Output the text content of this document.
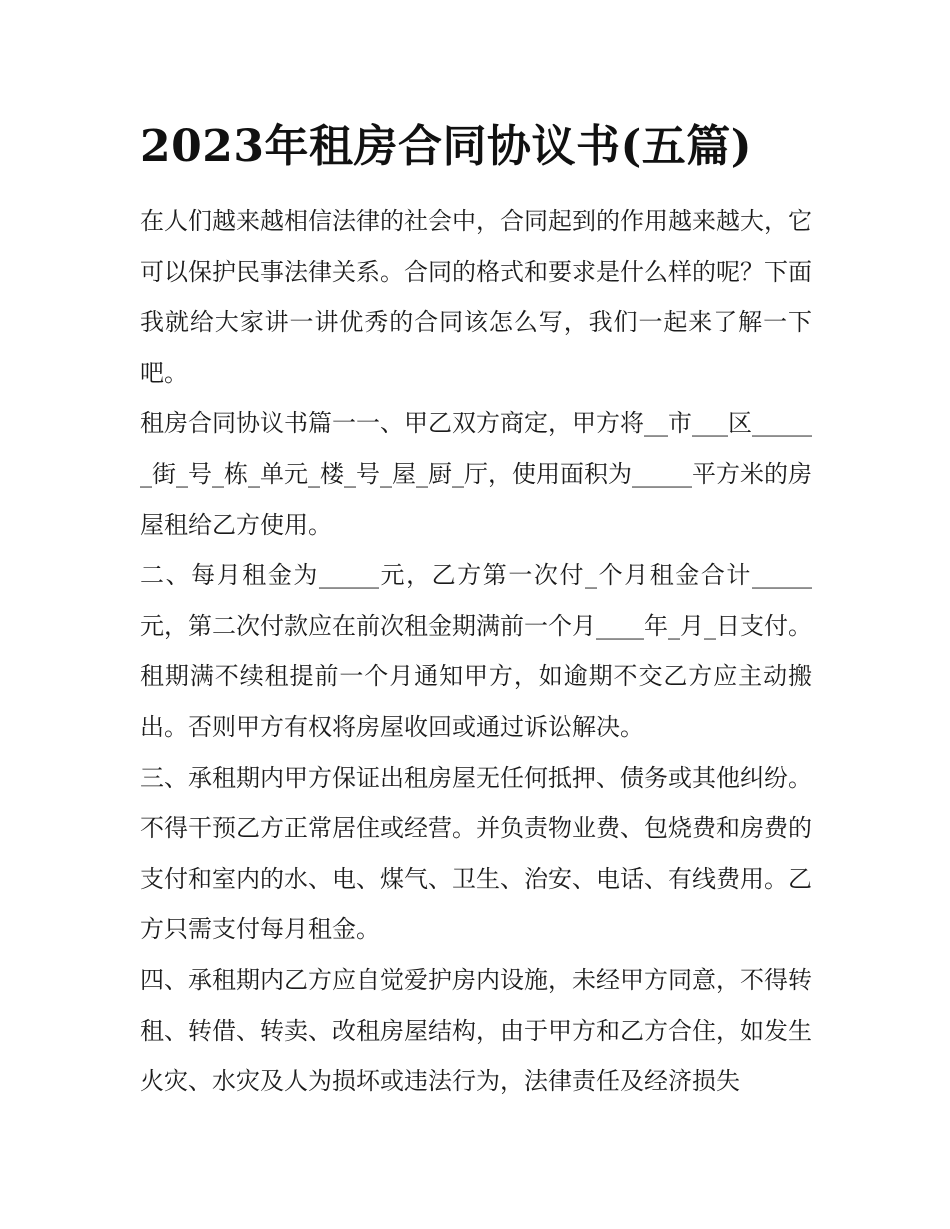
2023年租房合同协议书(五篇)

在人们越来越相信法律的社会中，合同起到的作用越来越大，它可以保护民事法律关系。合同的格式和要求是什么样的呢？下面我就给大家讲一讲优秀的合同该怎么写，我们一起来了解一下吧。

租房合同协议书篇一一、甲乙双方商定，甲方将__市___区______街_号_栋_单元_楼_号_屋_厨_厅，使用面积为_____平方米的房屋租给乙方使用。

二、每月租金为_____元，乙方第一次付_个月租金合计_____元，第二次付款应在前次租金期满前一个月____年_月_日支付。租期满不续租提前一个月通知甲方，如逾期不交乙方应主动搬出。否则甲方有权将房屋收回或通过诉讼解决。

三、承租期内甲方保证出租房屋无任何抵押、债务或其他纠纷。不得干预乙方正常居住或经营。并负责物业费、包烧费和房费的支付和室内的水、电、煤气、卫生、治安、电话、有线费用。乙方只需支付每月租金。

四、承租期内乙方应自觉爱护房内设施，未经甲方同意，不得转租、转借、转卖、改租房屋结构，由于甲方和乙方合住，如发生火灾、水灾及人为损坏或违法行为，法律责任及经济损失
